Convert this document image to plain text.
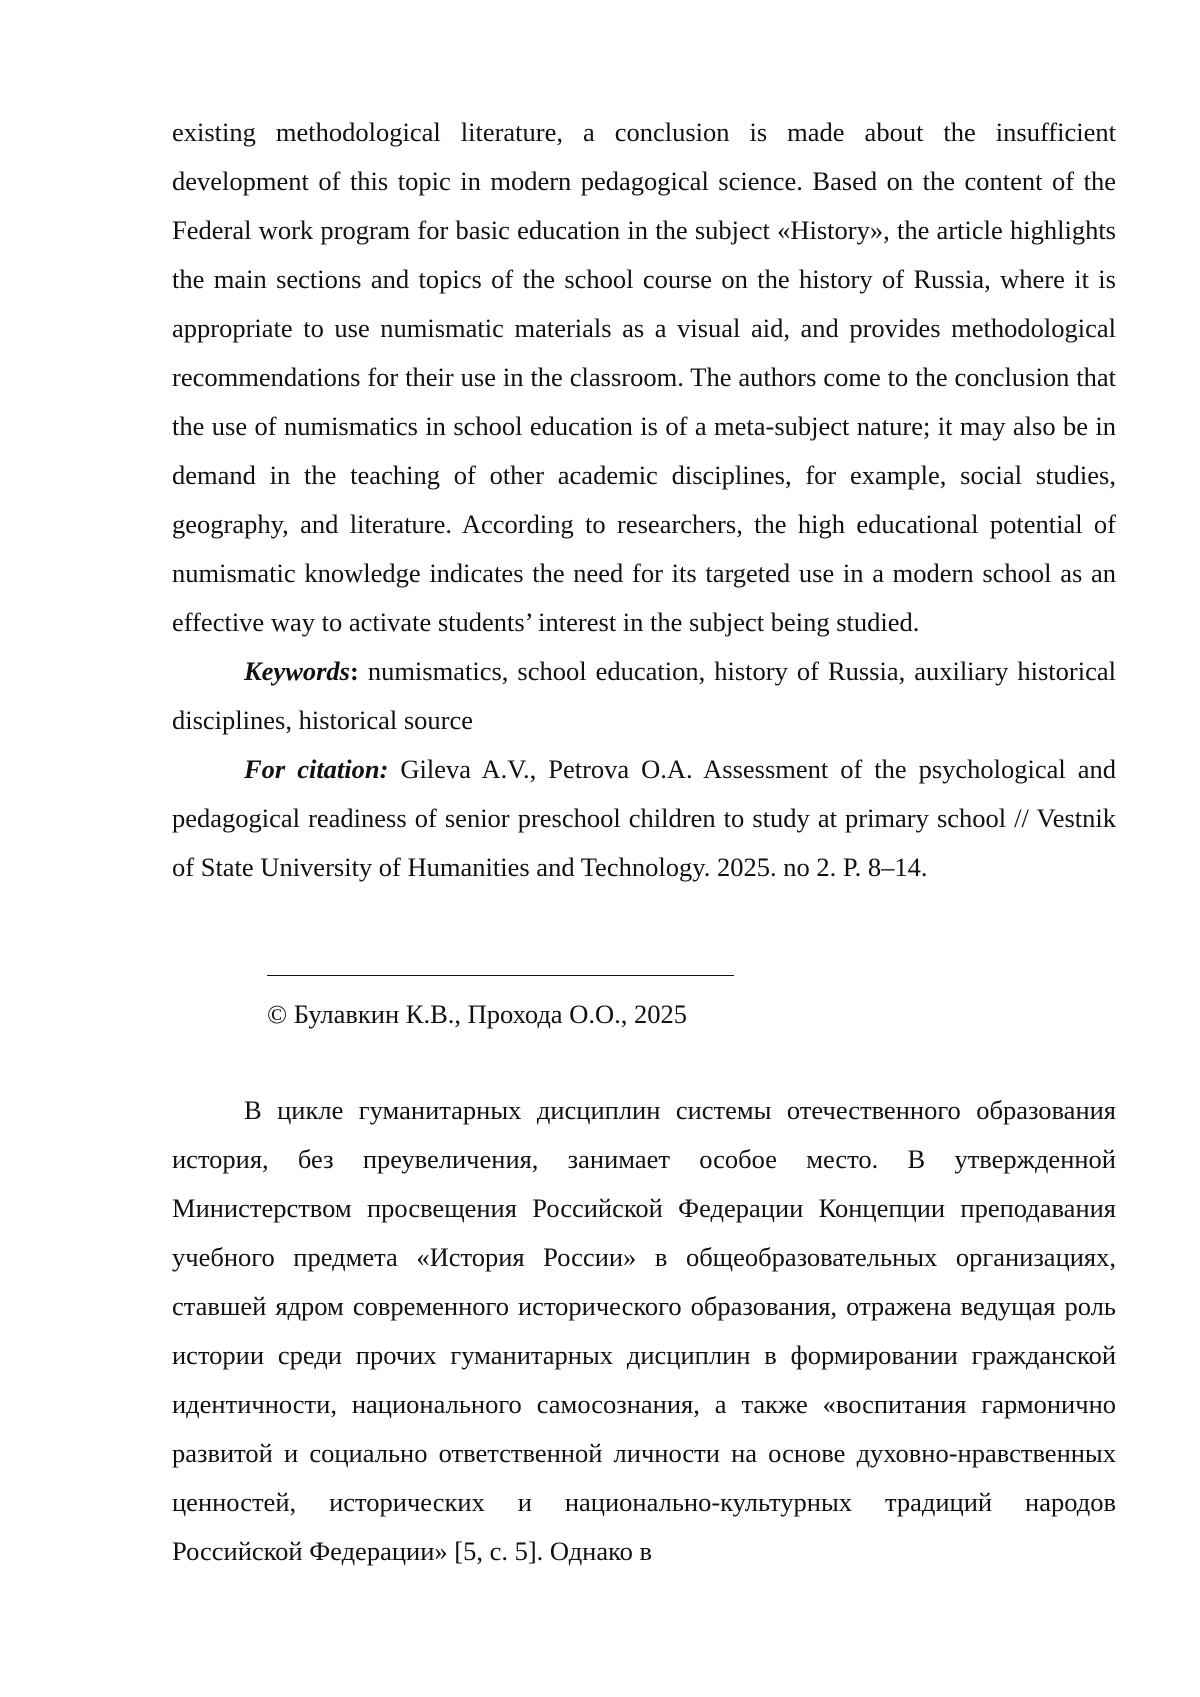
existing methodological literature, a conclusion is made about the insufficient development of this topic in modern pedagogical science. Based on the content of the Federal work program for basic education in the subject «History», the article highlights the main sections and topics of the school course on the history of Russia, where it is appropriate to use numismatic materials as a visual aid, and provides methodological recommendations for their use in the classroom. The authors come to the conclusion that the use of numismatics in school education is of a meta-subject nature; it may also be in demand in the teaching of other academic disciplines, for example, social studies, geography, and literature. According to researchers, the high educational potential of numismatic knowledge indicates the need for its targeted use in a modern school as an effective way to activate students’ interest in the subject being studied.

Keywords: numismatics, school education, history of Russia, auxiliary historical disciplines, historical source

For citation: Gileva A.V., Petrova O.A. Assessment of the psychological and pedagogical readiness of senior preschool children to study at primary school // Vestnik of State University of Humanities and Technology. 2025. no 2. P. 8–14.

© Булавкин К.В., Проходa О.О., 2025

В цикле гуманитарных дисциплин системы отечественного образования история, без преувеличения, занимает особое место. В утвержденной Министерством просвещения Российской Федерации Концепции преподавания учебного предмета «История России» в общеобразовательных организациях, ставшей ядром современного исторического образования, отражена ведущая роль истории среди прочих гуманитарных дисциплин в формировании гражданской идентичности, национального самосознания, а также «воспитания гармонично развитой и социально ответственной личности на основе духовно-нравственных ценностей, исторических и национально-культурных традиций народов Российской Федерации» [5, с. 5]. Однако в
